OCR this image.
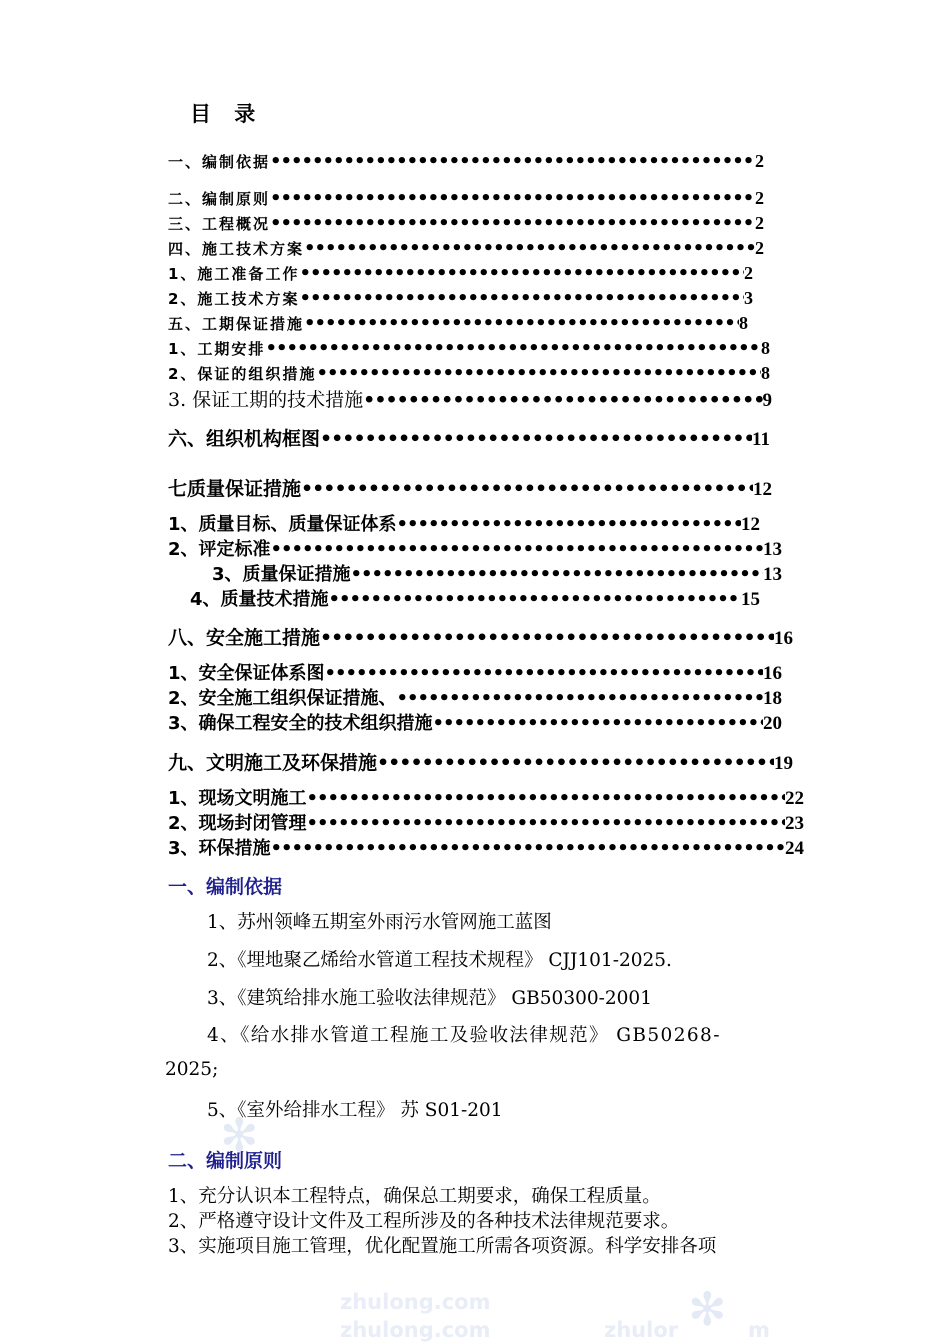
目 录
一、编制依据 •••••	2
二、编制原则 •••••	2
三、工程概况 •••••	2
四、施工技术方案 •••••	2
1、施工准备工作 •••••	2
2、施工技术方案 •••••	3
五、工期保证措施 •••••	8
1、工期安排 •••••	8
2、保证的组织措施 •••••	8
3. 保证工期的技术措施 •••••	9
六、组织机构框图 •••••	11
七质量保证措施 •••••	12
1、质量目标、质量保证体系 •••••	12
2、评定标准 •••••	13
3、质量保证措施 •••••	13
4、质量技术措施 •••••	15
八、安全施工措施 •••••	16
1、安全保证体系图 •••••	16
2、安全施工组织保证措施、 •••••	18
3、确保工程安全的技术组织措施 •••••	20
九、文明施工及环保措施 •••••	19
1、现场文明施工 •••••	22
2、现场封闭管理 •••••	23
3、环保措施 •••••	24
一、编制依据
1、苏州领峰五期室外雨污水管网施工蓝图
2、《埋地聚乙烯给水管道工程技术规程》 CJJ101-2025.
3、《建筑给排水施工验收法律规范》 GB50300-2001
4、《给水排水管道工程施工及验收法律规范》 GB50268-
2025;
5、《室外给排水工程》 苏 S01-201
二、编制原则
1、充分认识本工程特点，确保总工期要求，确保工程质量。
2、严格遵守设计文件及工程所涉及的各种技术法律规范要求。
3、实施项目施工管理，优化配置施工所需各项资源。科学安排各项
✻
zhulong.com
zhulong.com	zhulor ✻ m
